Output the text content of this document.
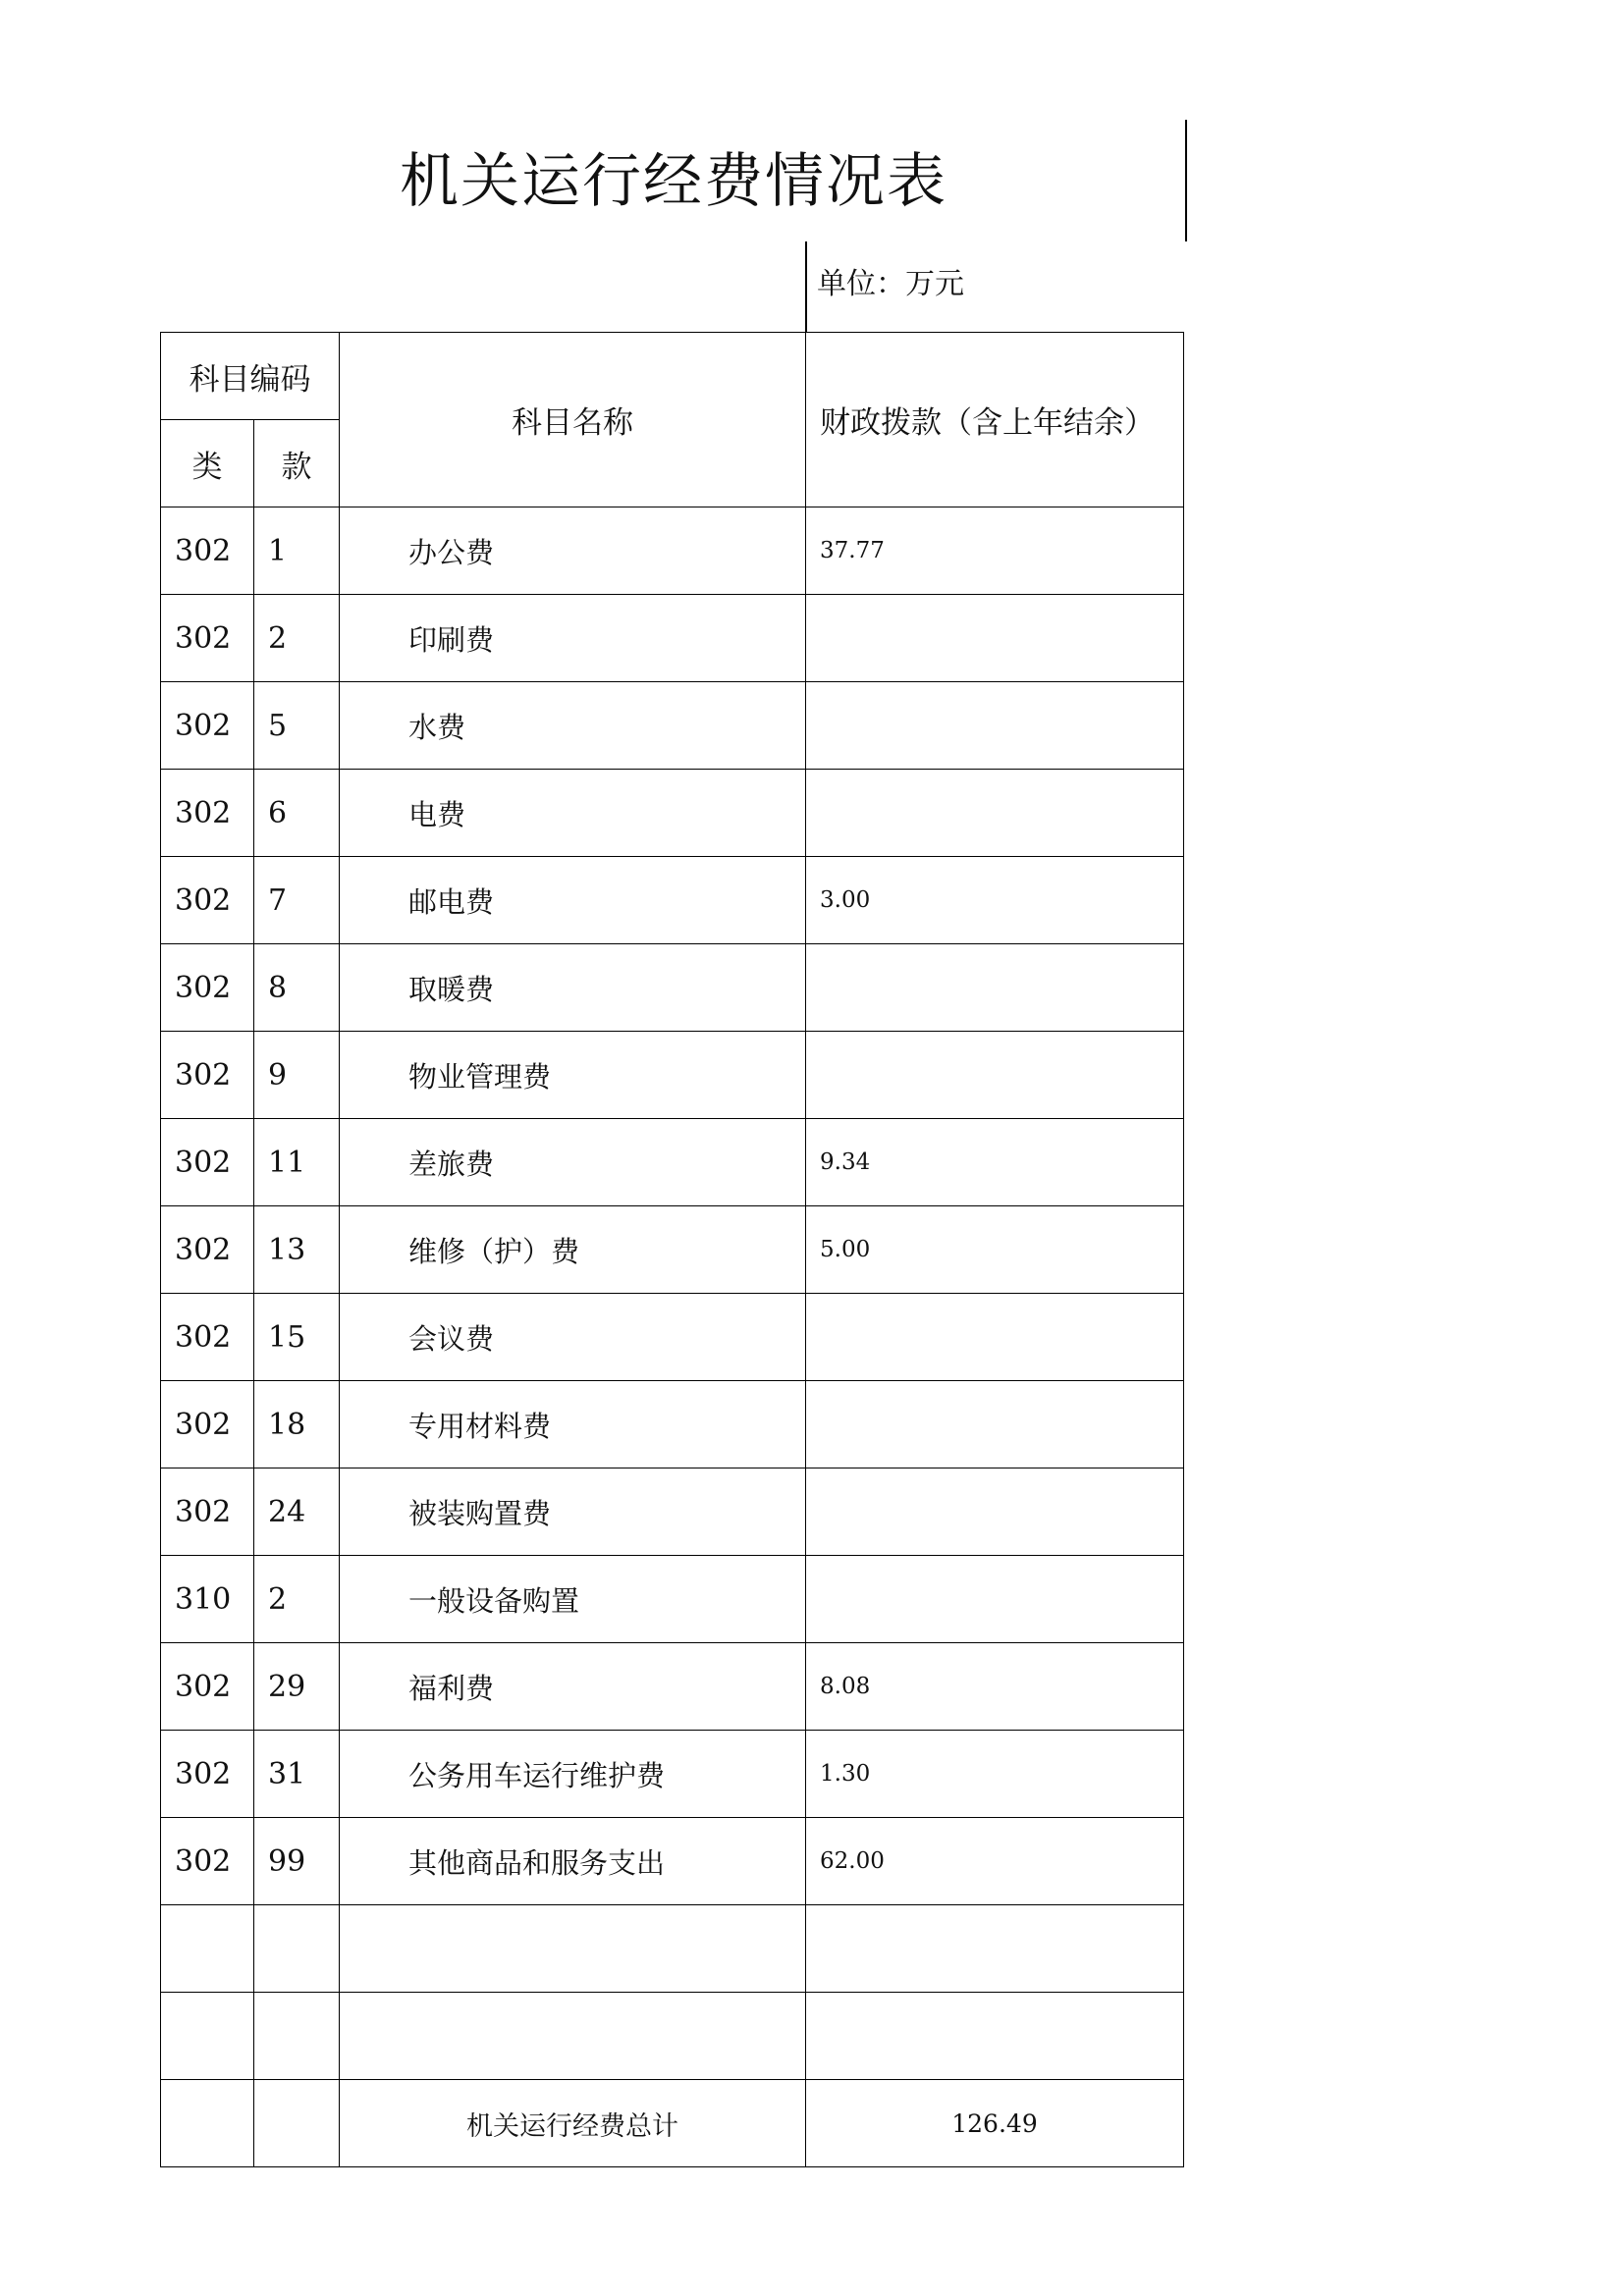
机关运行经费情况表
单位：万元
科目编码		科目名称	财政拨款（含上年结余）
类	款		
302	1	办公费	37.77
302	2	印刷费	
302	5	水费	
302	6	电费	
302	7	邮电费	3.00
302	8	取暖费	
302	9	物业管理费	
302	11	差旅费	9.34
302	13	维修（护）费	5.00
302	15	会议费	
302	18	专用材料费	
302	24	被装购置费	
310	2	一般设备购置	
302	29	福利费	8.08
302	31	公务用车运行维护费	1.30
302	99	其他商品和服务支出	62.00

		机关运行经费总计	126.49
